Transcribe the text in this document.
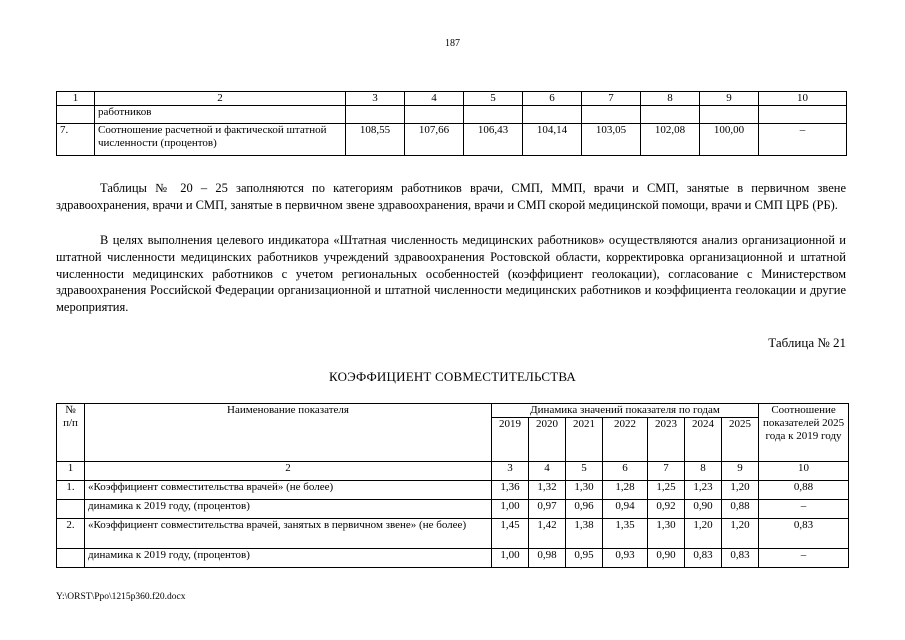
187
1	2	3	4	5	6	7	8	9	10
	работников								
7.	Соотношение расчетной и фактической штатной численности (процентов)	108,55	107,66	106,43	104,14	103,05	102,08	100,00	–
Таблицы № 20 – 25 заполняются по категориям работников врачи, СМП, ММП, врачи и СМП, занятые в первичном звене здравоохранения, врачи и СМП, занятые в первичном звене здравоохранения, врачи и СМП скорой медицинской помощи, врачи и СМП ЦРБ (РБ).
В целях выполнения целевого индикатора «Штатная численность медицинских работников» осуществляются анализ организационной и штатной численности медицинских работников учреждений здравоохранения Ростовской области, корректировка организационной и штатной численности медицинских работников с учетом региональных особенностей (коэффициент геолокации), согласование с Министерством здравоохранения Российской Федерации организационной и штатной численности медицинских работников и коэффициента геолокации и другие мероприятия.
Таблица № 21
КОЭФФИЦИЕНТ СОВМЕСТИТЕЛЬСТВА
№ п/п	Наименование показателя	Динамика значений показателя по годам							Соотношение показателей 2025 года к 2019 году
		2019	2020	2021	2022	2023	2024	2025	
1	2	3	4	5	6	7	8	9	10
1.	«Коэффициент совместительства врачей» (не более)	1,36	1,32	1,30	1,28	1,25	1,23	1,20	0,88
	динамика к 2019 году, (процентов)	1,00	0,97	0,96	0,94	0,92	0,90	0,88	–
2.	«Коэффициент совместительства врачей, занятых в первичном звене» (не более)	1,45	1,42	1,38	1,35	1,30	1,20	1,20	0,83
	динамика к 2019 году, (процентов)	1,00	0,98	0,95	0,93	0,90	0,83	0,83	–
Y:\ORST\Ppo\1215p360.f20.docx
